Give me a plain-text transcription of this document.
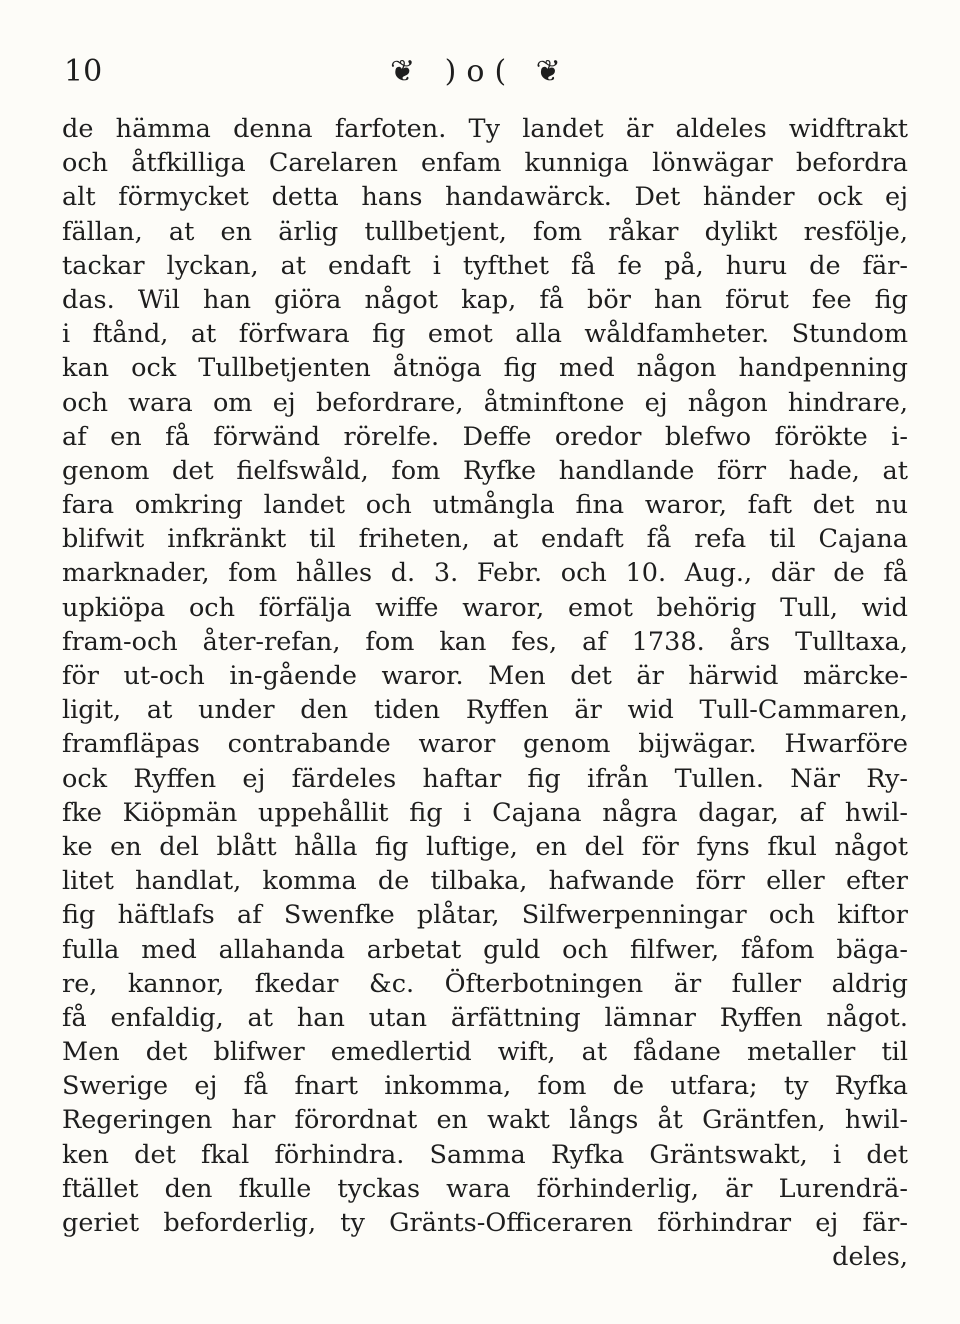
10	❦ )o( ❦
de hämma denna farfoten. Ty landet är aldeles widftrakt
och åtfkilliga Carelaren enfam kunniga lönwägar befordra
alt förmycket detta hans handawärck. Det händer ock ej
fällan, at en ärlig tullbetjent, fom råkar dylikt resfölje,
tackar lyckan, at endaft i tyfthet få fe på, huru de fär-
das. Wil han giöra något kap, få bör han förut fee fig
i ftånd, at förfwara fig emot alla wåldfamheter. Stundom
kan ock Tullbetjenten åtnöga fig med någon handpenning
och wara om ej befordrare, åtminftone ej någon hindrare,
af en få förwänd rörelfe. Deffe oredor blefwo förökte i-
genom det fielfswåld, fom Ryfke handlande förr hade, at
fara omkring landet och utmångla fina waror, faft det nu
blifwit infkränkt til friheten, at endaft få refa til Cajana
marknader, fom hålles d. 3. Febr. och 10. Aug., där de få
upkiöpa och förfälja wiffe waror, emot behörig Tull, wid
fram-och åter-refan, fom kan fes, af 1738. års Tulltaxa,
för ut-och in-gående waror. Men det är härwid märcke-
ligit, at under den tiden Ryffen är wid Tull-Cammaren,
framfläpas contrabande waror genom bijwägar. Hwarföre
ock Ryffen ej färdeles haftar fig ifrån Tullen. När Ry-
fke Kiöpmän uppehållit fig i Cajana några dagar, af hwil-
ke en del blått hålla fig luftige, en del för fyns fkul något
litet handlat, komma de tilbaka, hafwande förr eller efter
fig häftlafs af Swenfke plåtar, Silfwerpenningar och kiftor
fulla med allahanda arbetat guld och filfwer, fåfom bäga-
re, kannor, fkedar &c. Öfterbotningen är fuller aldrig
få enfaldig, at han utan ärfättning lämnar Ryffen något.
Men det blifwer emedlertid wift, at fådane metaller til
Swerige ej få fnart inkomma, fom de utfara; ty Ryfka
Regeringen har förordnat en wakt långs åt Gräntfen, hwil-
ken det fkal förhindra. Samma Ryfka Gräntswakt, i det
ftället den fkulle tyckas wara förhinderlig, är Lurendrä-
geriet beforderlig, ty Gränts-Officeraren förhindrar ej fär-
deles,
